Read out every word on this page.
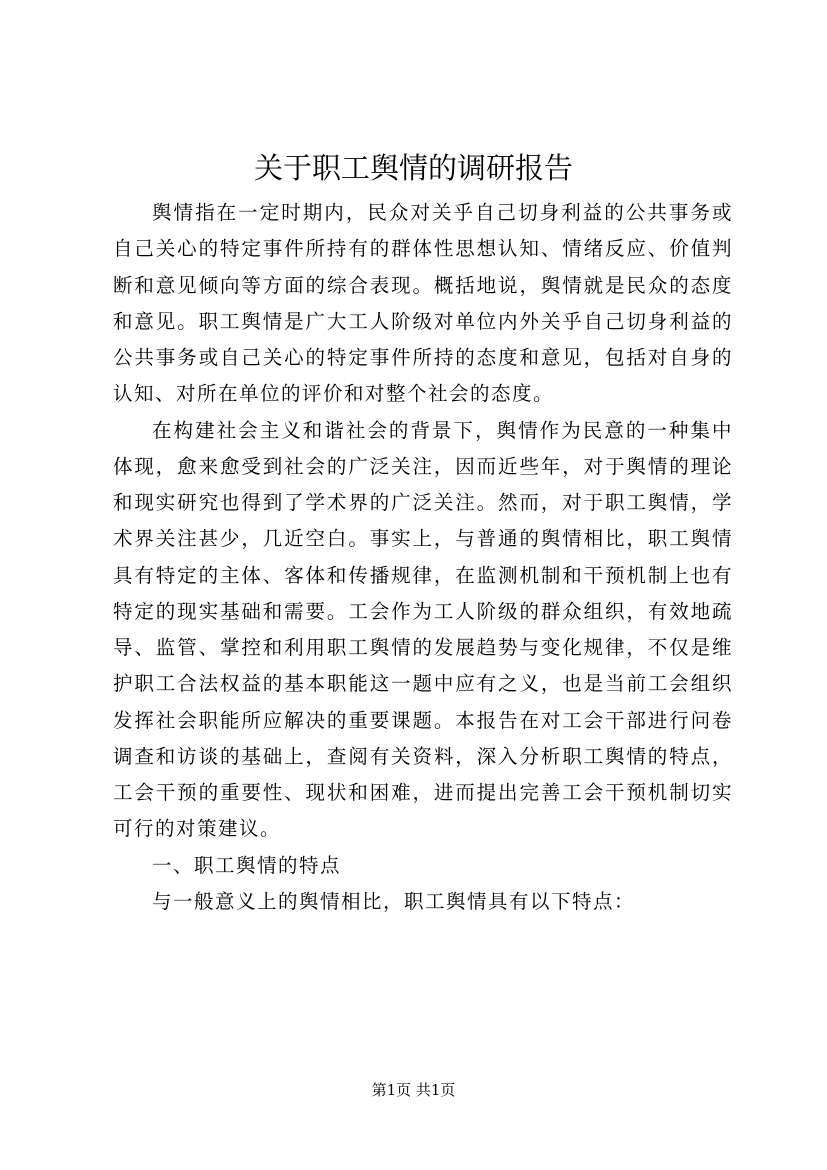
关于职工舆情的调研报告

舆情指在一定时期内，民众对关乎自己切身利益的公共事务或自己关心的特定事件所持有的群体性思想认知、情绪反应、价值判断和意见倾向等方面的综合表现。概括地说，舆情就是民众的态度和意见。职工舆情是广大工人阶级对单位内外关乎自己切身利益的公共事务或自己关心的特定事件所持的态度和意见，包括对自身的认知、对所在单位的评价和对整个社会的态度。

在构建社会主义和谐社会的背景下，舆情作为民意的一种集中体现，愈来愈受到社会的广泛关注，因而近些年，对于舆情的理论和现实研究也得到了学术界的广泛关注。然而，对于职工舆情，学术界关注甚少，几近空白。事实上，与普通的舆情相比，职工舆情具有特定的主体、客体和传播规律，在监测机制和干预机制上也有特定的现实基础和需要。工会作为工人阶级的群众组织，有效地疏导、监管、掌控和利用职工舆情的发展趋势与变化规律，不仅是维护职工合法权益的基本职能这一题中应有之义，也是当前工会组织发挥社会职能所应解决的重要课题。本报告在对工会干部进行问卷调查和访谈的基础上，查阅有关资料，深入分析职工舆情的特点，工会干预的重要性、现状和困难，进而提出完善工会干预机制切实可行的对策建议。

一、职工舆情的特点

与一般意义上的舆情相比，职工舆情具有以下特点：

第1页 共1页
